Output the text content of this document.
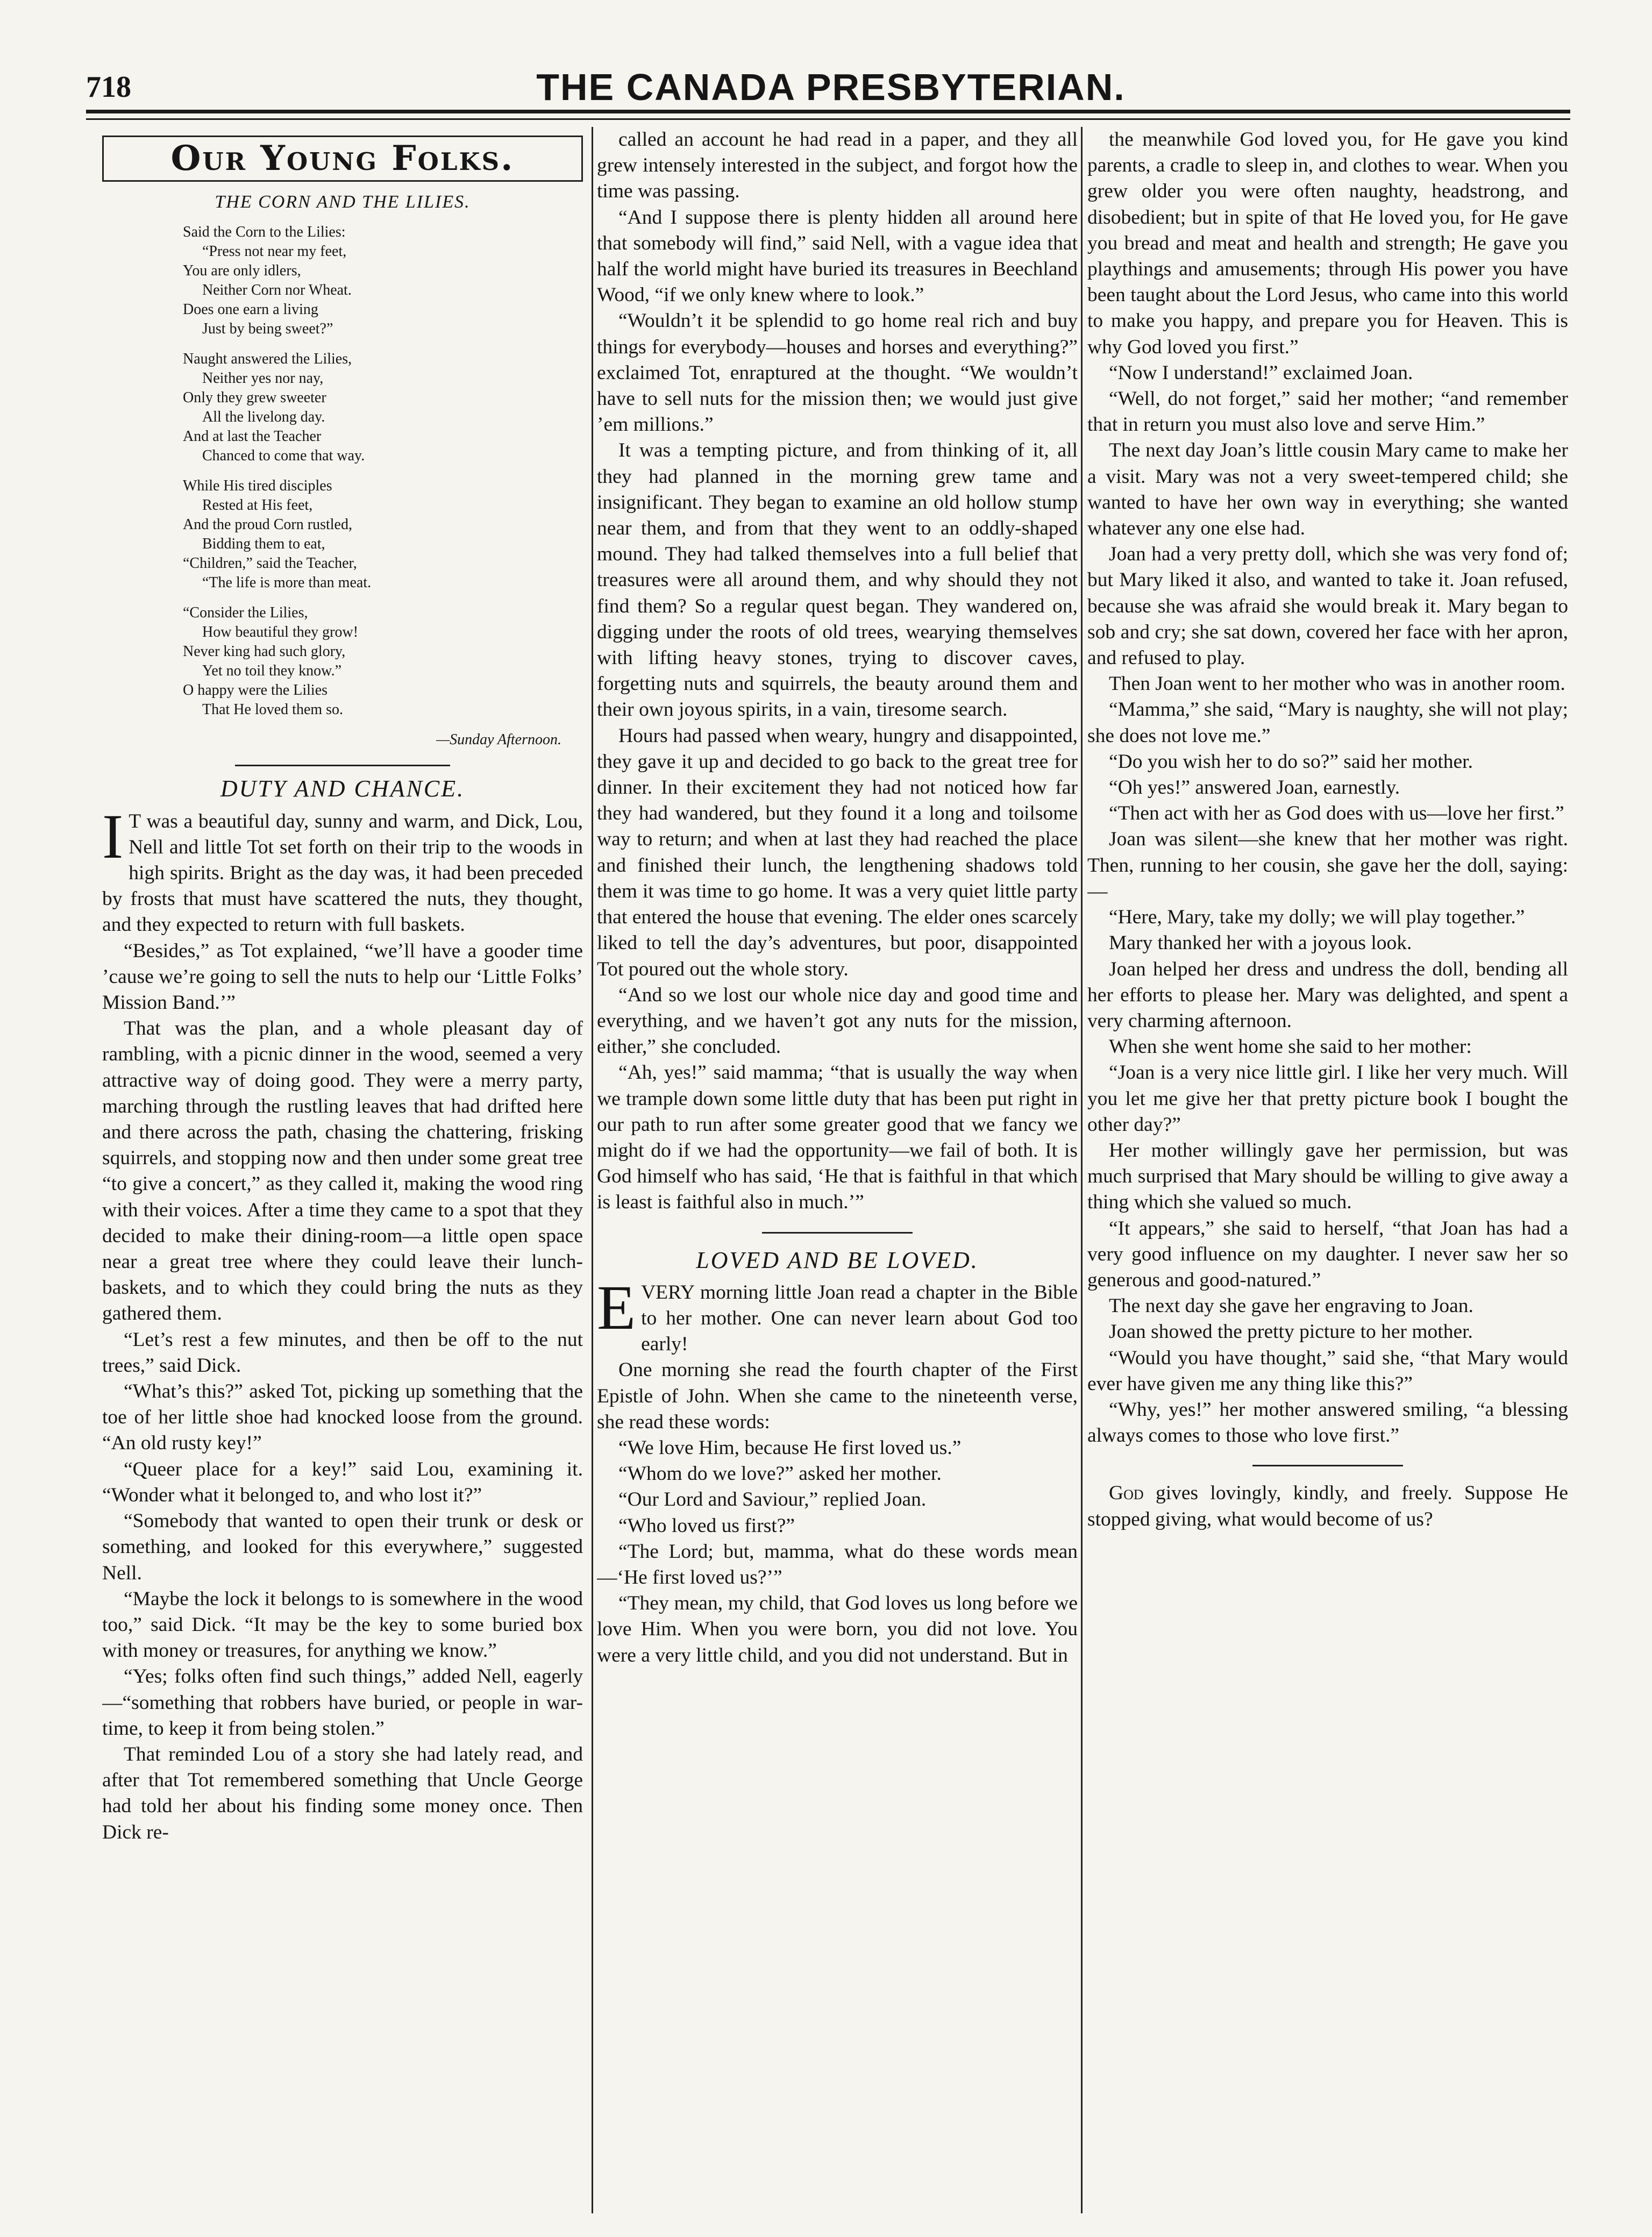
718	THE CANADA PRESBYTERIAN.
Our Young Folks.
THE CORN AND THE LILIES.
Said the Corn to the Lilies:
“Press not near my feet,
You are only idlers,
Neither Corn nor Wheat.
Does one earn a living
Just by being sweet?”
Naught answered the Lilies,
Neither yes nor nay,
Only they grew sweeter
All the livelong day.
And at last the Teacher
Chanced to come that way.
While His tired disciples
Rested at His feet,
And the proud Corn rustled,
Bidding them to eat,
“Children,” said the Teacher,
“The life is more than meat.
“Consider the Lilies,
How beautiful they grow!
Never king had such glory,
Yet no toil they know.”
O happy were the Lilies
That He loved them so.
—Sunday Afternoon.
DUTY AND CHANCE.

I T was a beautiful day, sunny and warm, and Dick, Lou, Nell and little Tot set forth on their trip to the woods in high spirits. Bright as the day was, it had been preceded by frosts that must have scattered the nuts, they thought, and they expected to return with full baskets.

“Besides,” as Tot explained, “we’ll have a gooder time ’cause we’re going to sell the nuts to help our ‘Little Folks’ Mission Band.’”

That was the plan, and a whole pleasant day of rambling, with a picnic dinner in the wood, seemed a very attractive way of doing good. They were a merry party, marching through the rustling leaves that had drifted here and there across the path, chasing the chattering, frisking squirrels, and stopping now and then under some great tree “to give a concert,” as they called it, making the wood ring with their voices. After a time they came to a spot that they decided to make their dining-room—a little open space near a great tree where they could leave their lunch-baskets, and to which they could bring the nuts as they gathered them.

“Let’s rest a few minutes, and then be off to the nut trees,” said Dick.

“What’s this?” asked Tot, picking up something that the toe of her little shoe had knocked loose from the ground. “An old rusty key!”

“Queer place for a key!” said Lou, examining it. “Wonder what it belonged to, and who lost it?”

“Somebody that wanted to open their trunk or desk or something, and looked for this everywhere,” suggested Nell.

“Maybe the lock it belongs to is somewhere in the wood too,” said Dick. “It may be the key to some buried box with money or treasures, for anything we know.”

“Yes; folks often find such things,” added Nell, eagerly—“something that robbers have buried, or people in war-time, to keep it from being stolen.”

That reminded Lou of a story she had lately read, and after that Tot remembered something that Uncle George had told her about his finding some money once. Then Dick re-

called an account he had read in a paper, and they all grew intensely interested in the subject, and forgot how the time was passing.

“And I suppose there is plenty hidden all around here that somebody will find,” said Nell, with a vague idea that half the world might have buried its treasures in Beechland Wood, “if we only knew where to look.”

“Wouldn’t it be splendid to go home real rich and buy things for everybody—houses and horses and everything?” exclaimed Tot, enraptured at the thought. “We wouldn’t have to sell nuts for the mission then; we would just give ’em millions.”

It was a tempting picture, and from thinking of it, all they had planned in the morning grew tame and insignificant. They began to examine an old hollow stump near them, and from that they went to an oddly-shaped mound. They had talked themselves into a full belief that treasures were all around them, and why should they not find them? So a regular quest began. They wandered on, digging under the roots of old trees, wearying themselves with lifting heavy stones, trying to discover caves, forgetting nuts and squirrels, the beauty around them and their own joyous spirits, in a vain, tiresome search.

Hours had passed when weary, hungry and disappointed, they gave it up and decided to go back to the great tree for dinner. In their excitement they had not noticed how far they had wandered, but they found it a long and toilsome way to return; and when at last they had reached the place and finished their lunch, the lengthening shadows told them it was time to go home. It was a very quiet little party that entered the house that evening. The elder ones scarcely liked to tell the day’s adventures, but poor, disappointed Tot poured out the whole story.

“And so we lost our whole nice day and good time and everything, and we haven’t got any nuts for the mission, either,” she concluded.

“Ah, yes!” said mamma; “that is usually the way when we trample down some little duty that has been put right in our path to run after some greater good that we fancy we might do if we had the opportunity—we fail of both. It is God himself who has said, ‘He that is faithful in that which is least is faithful also in much.’”

LOVED AND BE LOVED.

EVERY morning little Joan read a chapter in the Bible to her mother. One can never learn about God too early!

One morning she read the fourth chapter of the First Epistle of John. When she came to the nineteenth verse, she read these words:

“We love Him, because He first loved us.”

“Whom do we love?” asked her mother.

“Our Lord and Saviour,” replied Joan.

“Who loved us first?”

“The Lord; but, mamma, what do these words mean—‘He first loved us?’”

“They mean, my child, that God loves us long before we love Him. When you were born, you did not love. You were a very little child, and you did not understand. But in

the meanwhile God loved you, for He gave you kind parents, a cradle to sleep in, and clothes to wear. When you grew older you were often naughty, headstrong, and disobedient; but in spite of that He loved you, for He gave you bread and meat and health and strength; He gave you playthings and amusements; through His power you have been taught about the Lord Jesus, who came into this world to make you happy, and prepare you for Heaven. This is why God loved you first.”

“Now I understand!” exclaimed Joan.

“Well, do not forget,” said her mother; “and remember that in return you must also love and serve Him.”

The next day Joan’s little cousin Mary came to make her a visit. Mary was not a very sweet-tempered child; she wanted to have her own way in everything; she wanted whatever any one else had.

Joan had a very pretty doll, which she was very fond of; but Mary liked it also, and wanted to take it. Joan refused, because she was afraid she would break it. Mary began to sob and cry; she sat down, covered her face with her apron, and refused to play.

Then Joan went to her mother who was in another room.

“Mamma,” she said, “Mary is naughty, she will not play; she does not love me.”

“Do you wish her to do so?” said her mother.

“Oh yes!” answered Joan, earnestly.

“Then act with her as God does with us—love her first.”

Joan was silent—she knew that her mother was right. Then, running to her cousin, she gave her the doll, saying:—

“Here, Mary, take my dolly; we will play together.”

Mary thanked her with a joyous look.

Joan helped her dress and undress the doll, bending all her efforts to please her. Mary was delighted, and spent a very charming afternoon.

When she went home she said to her mother:

“Joan is a very nice little girl. I like her very much. Will you let me give her that pretty picture book I bought the other day?”

Her mother willingly gave her permission, but was much surprised that Mary should be willing to give away a thing which she valued so much.

“It appears,” she said to herself, “that Joan has had a very good influence on my daughter. I never saw her so generous and good-natured.”

The next day she gave her engraving to Joan.

Joan showed the pretty picture to her mother.

“Would you have thought,” said she, “that Mary would ever have given me any thing like this?”

“Why, yes!” her mother answered smiling, “a blessing always comes to those who love first.”

God gives lovingly, kindly, and freely. Suppose He stopped giving, what would become of us?
